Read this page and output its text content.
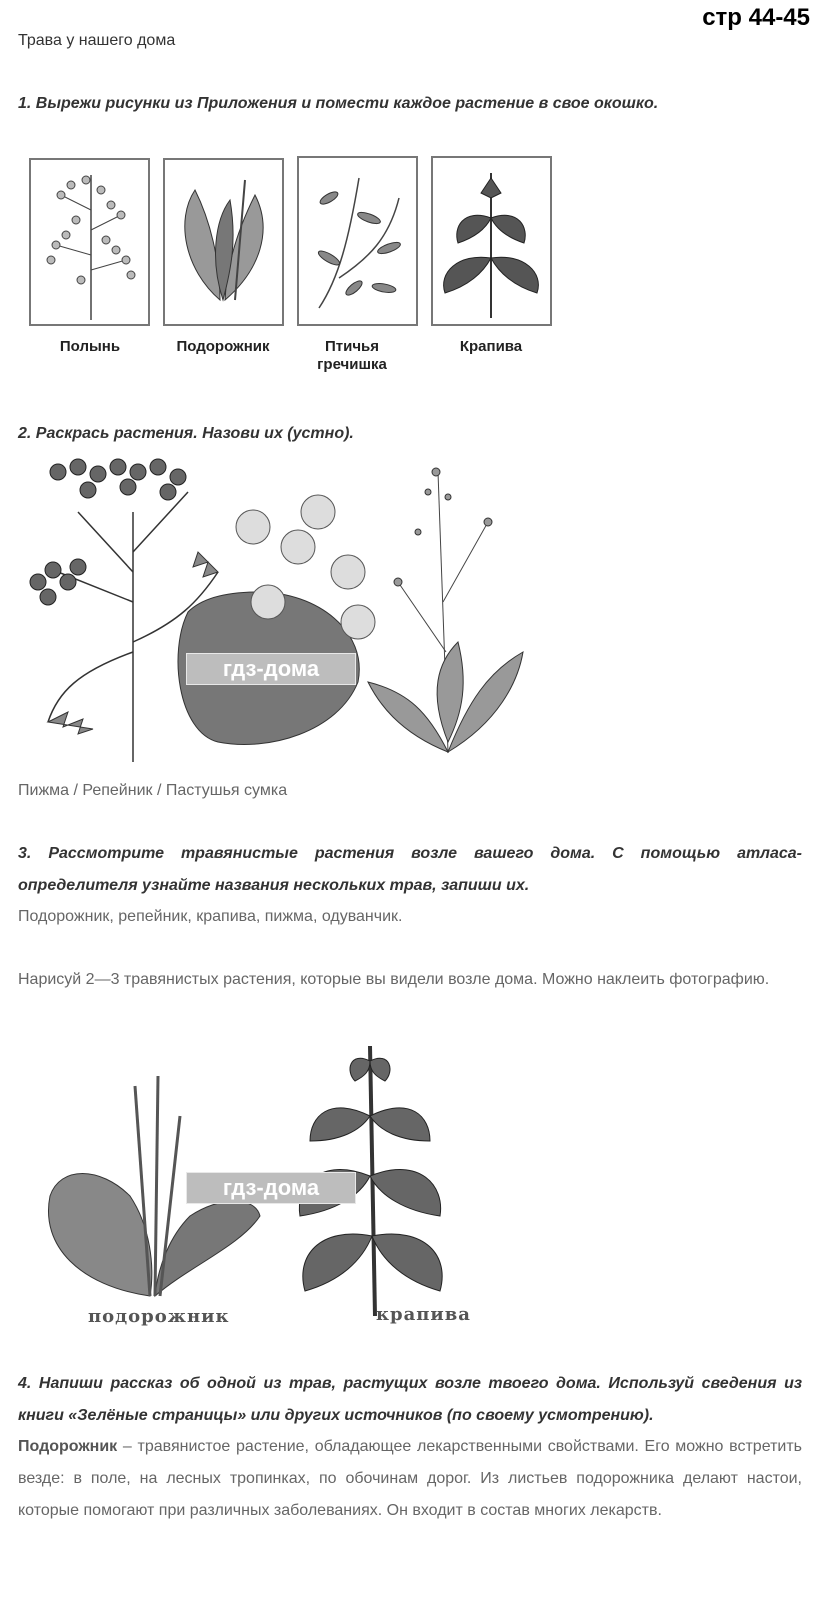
стр 44-45
Трава у нашего дома
1. Вырежи рисунки из Приложения и помести каждое растение в свое окошко.
Полынь	Подорожник	Птичья гречишка
Крапива
2. Раскрась растения. Назови их (устно).
гдз-дома
Пижма / Репейник / Пастушья сумка
3. Рассмотрите травянистые растения возле вашего дома. С помощью атласа-определителя узнайте названия нескольких трав, запиши их.
Подорожник, репейник, крапива, пижма, одуванчик.
Нарисуй 2—3 травянистых растения, которые вы видели возле дома. Можно наклеить фотографию.
гдз-дома
подорожник	крапива
4. Напиши рассказ об одной из трав, растущих возле твоего дома. Используй сведения из книги «Зелёные страницы» или других источников (по своему усмотрению).
Подорожник – травянистое растение, обладающее лекарственными свойствами. Его можно встретить везде: в поле, на лесных тропинках, по обочинам дорог. Из листьев подорожника делают настои, которые помогают при различных заболеваниях. Он входит в состав многих лекарств.
